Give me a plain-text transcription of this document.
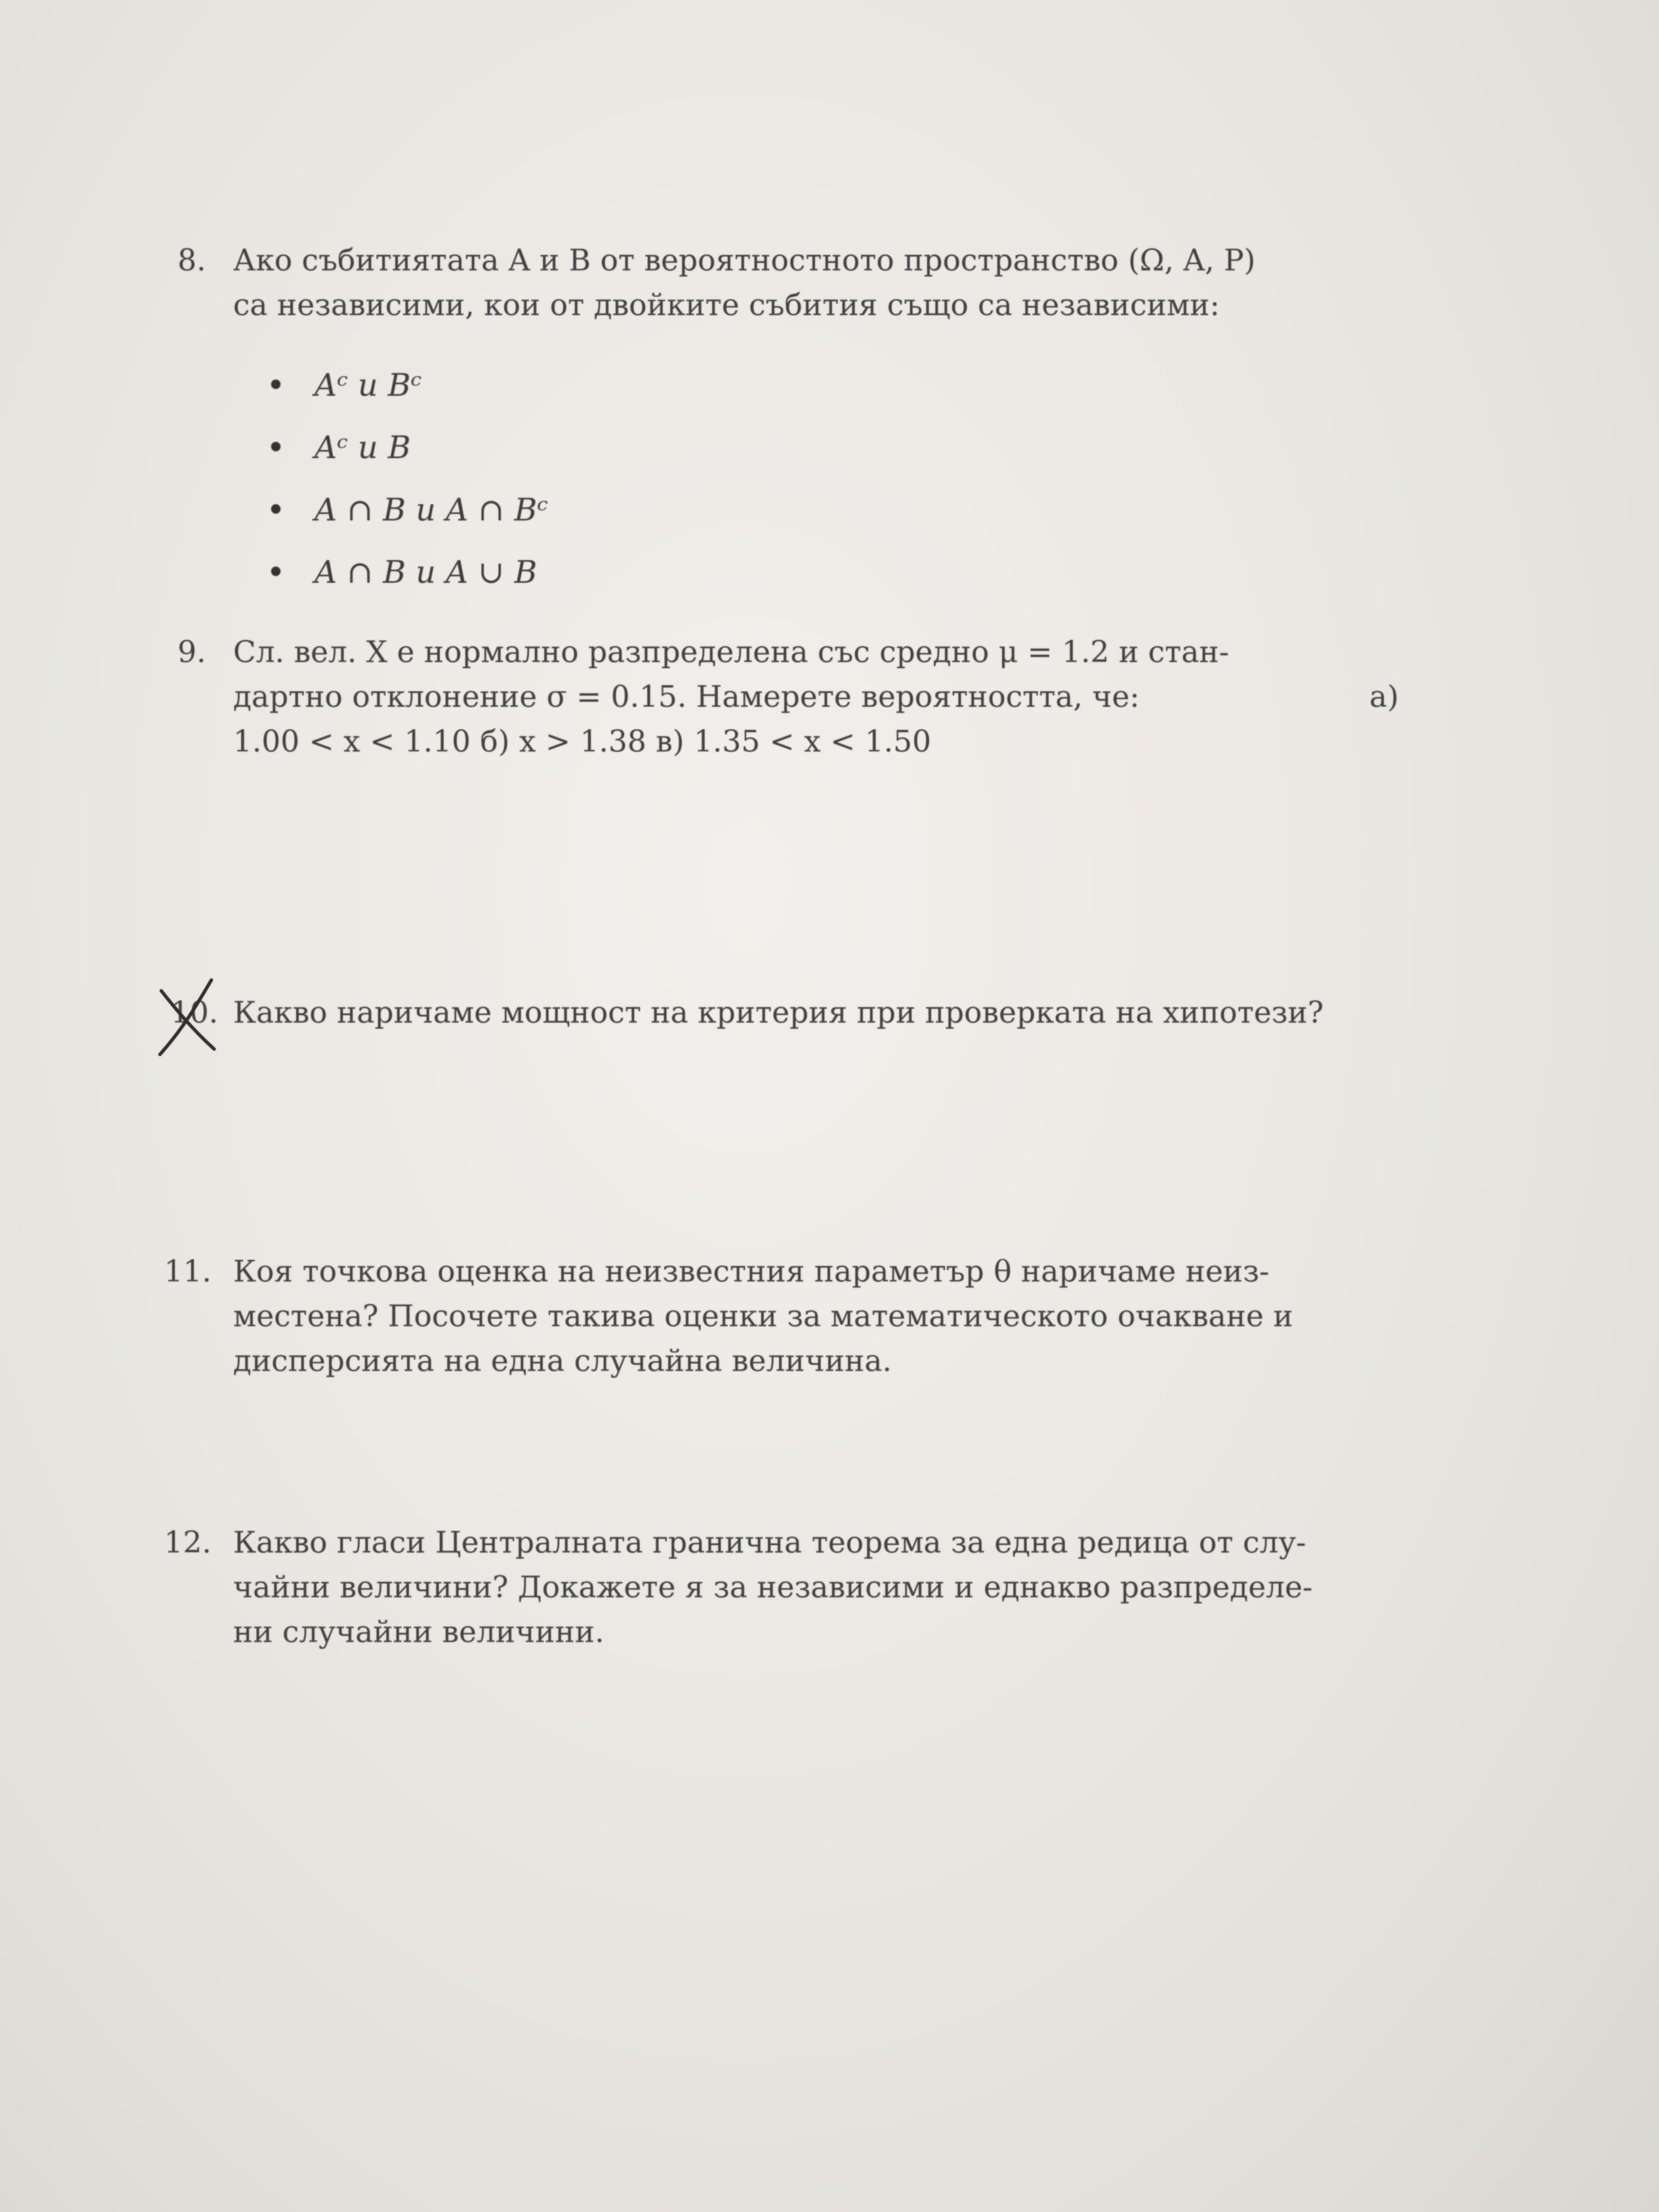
8. Ако събитиятата A и B от вероятностното пространство (Ω, A, P)
са независими, кои от двойките събития също са независими:
Aᶜ и Bᶜ
Aᶜ и B
A ∩ B и A ∩ Bᶜ
A ∩ B и A ∪ B
9. Сл. вел. X е нормално разпределена със средно μ = 1.2 и стан-
дартно отклонение σ = 0.15. Намерете вероятността, че:	a)
1.00 < x < 1.10 б) x > 1.38 в) 1.35 < x < 1.50
10. Какво наричаме мощност на критерия при проверката на хипотези?
11. Коя точкова оценка на неизвестния параметър θ наричаме неиз-
местена? Посочете такива оценки за математическото очакване и
дисперсията на една случайна величина.
12. Какво гласи Централната гранична теорема за една редица от слу-
чайни величини? Докажете я за независими и еднакво разпределе-
ни случайни величини.
